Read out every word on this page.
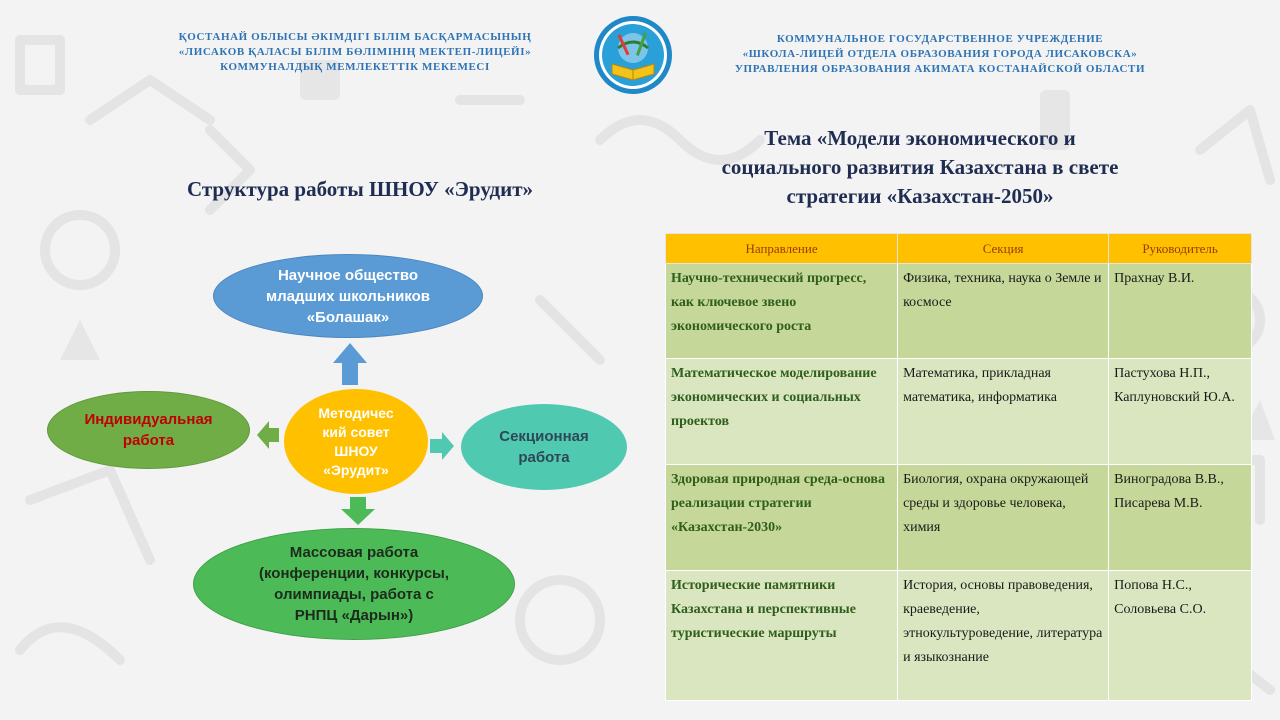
ҚОСТАНАЙ ОБЛЫСЫ ӘКІМДІГІ БІЛІМ БАСҚАРМАСЫНЫҢ
«ЛИСАКОВ ҚАЛАСЫ БІЛІМ БӨЛІМІНІҢ МЕКТЕП-ЛИЦЕЙІ»
КОММУНАЛДЫҚ МЕМЛЕКЕТТІК МЕКЕМЕСІ
КОММУНАЛЬНОЕ ГОСУДАРСТВЕННОЕ УЧРЕЖДЕНИЕ
«ШКОЛА-ЛИЦЕЙ ОТДЕЛА ОБРАЗОВАНИЯ ГОРОДА ЛИСАКОВСКА»
УПРАВЛЕНИЯ ОБРАЗОВАНИЯ АКИМАТА КОСТАНАЙСКОЙ ОБЛАСТИ
Структура работы ШНОУ «Эрудит»
Научное общество
младших школьников
«Болашак»
Методичес
кий совет
ШНОУ
«Эрудит»
Индивидуальная
работа	Секционная
работа
Массовая работа
(конференции, конкурсы,
олимпиады, работа с
РНПЦ «Дарын»)
Тема «Модели экономического и
социального развития Казахстана в свете
стратегии «Казахстан-2050»
Направление	Секция	Руководитель
Научно-технический прогресс, как ключевое звено экономического роста	Физика, техника, наука о Земле и космосе	Прахнау В.И.
Математическое моделирование экономических и социальных проектов	Математика, прикладная математика, информатика	Пастухова Н.П., Каплуновский Ю.А.
Здоровая природная среда-основа реализации стратегии «Казахстан-2030»	Биология, охрана окружающей среды и здоровье человека, химия	Виноградова В.В., Писарева М.В.
Исторические памятники Казахстана и перспективные туристические маршруты	История, основы правоведения, краеведение, этнокультуроведение, литература и языкознание	Попова Н.С., Соловьева С.О.
